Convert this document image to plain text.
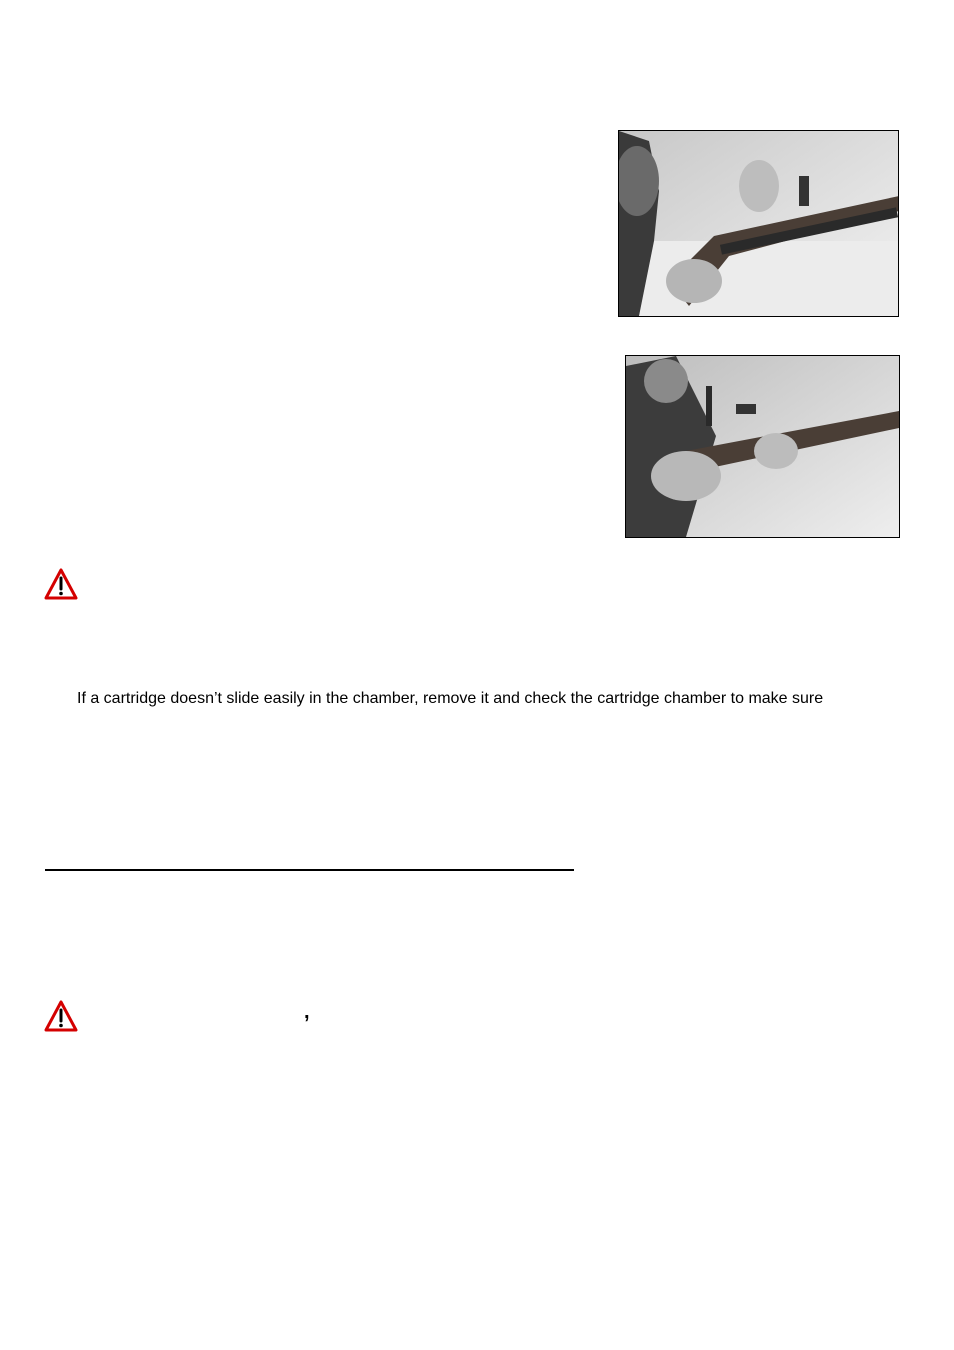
If a cartridge doesn’t slide easily in the chamber, remove it and check the cartridge chamber to make sure
,
